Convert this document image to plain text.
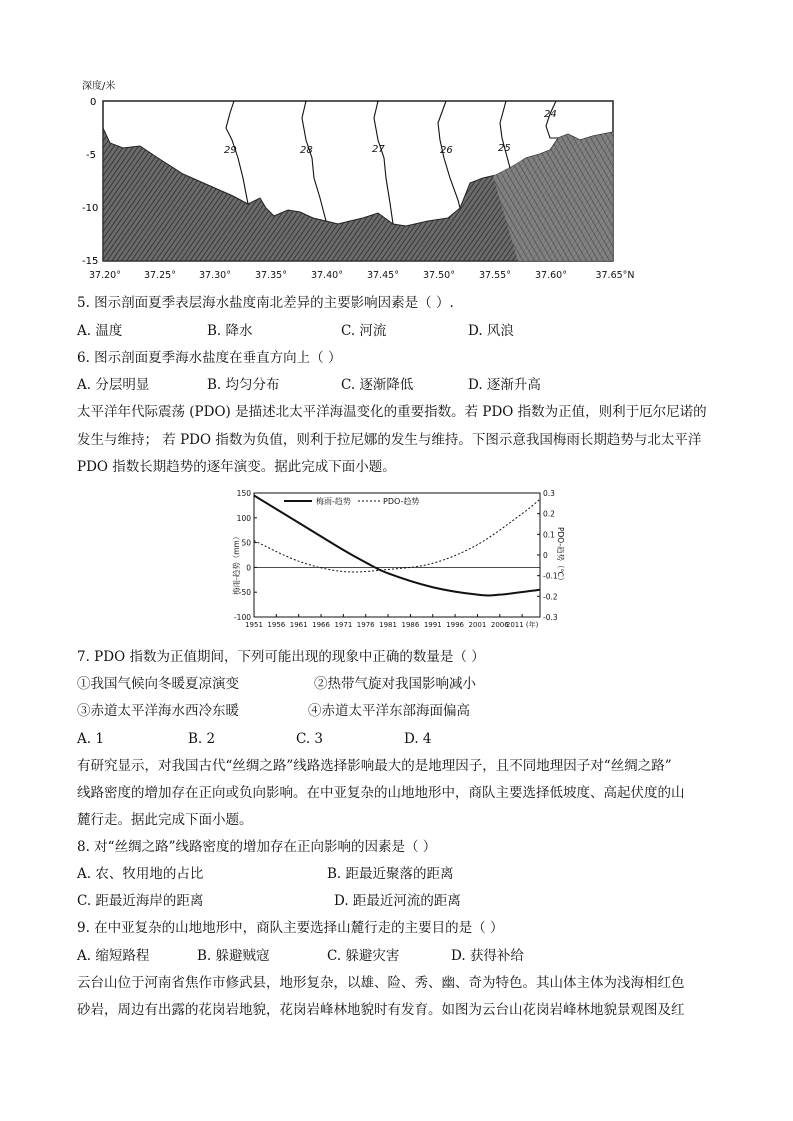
深度/米
0
-5
-10
-15
29	28	27	26	25
24
37.20° 37.25° 37.30°	37.35°	37.40°	37.45°	37.50°	37.55°	37.60°	37.65°N
5. 图示剖面夏季表层海水盐度南北差异的主要影响因素是（ ）.
A. 温度	B. 降水	C. 河流	D. 风浪
6. 图示剖面夏季海水盐度在垂直方向上（ ）
A. 分层明显	B. 均匀分布	C. 逐渐降低	D. 逐渐升高
太平洋年代际震荡 (PDO) 是描述北太平洋海温变化的重要指数。若 PDO 指数为正值，则利于厄尔尼诺的
发生与维持； 若 PDO 指数为负值，则利于拉尼娜的发生与维持。下图示意我国梅雨长期趋势与北太平洋
PDO 指数长期趋势的逐年演变。据此完成下面小题。
150
100
50
0
-50
-100
0.3
0.2
0.1
0
-0.1
-0.2
-0.3
1951 1956 1961 1966 1971 1976 1981 1986 1991 1996 2001 2006
2011 (年)
梅雨-趋势	PDO-趋势
梅雨-趋势（mm）	PDO-趋势（℃）
7. PDO 指数为正值期间，下列可能出现的现象中正确的数量是（ ）
①我国气候向冬暖夏凉演变	②热带气旋对我国影响减小
③赤道太平洋海水西冷东暖	④赤道太平洋东部海面偏高
A. 1	B. 2	C. 3	D. 4
有研究显示，对我国古代“丝绸之路”线路选择影响最大的是地理因子，且不同地理因子对“丝绸之路”
线路密度的增加存在正向或负向影响。在中亚复杂的山地地形中，商队主要选择低坡度、高起伏度的山
麓行走。据此完成下面小题。
8. 对“丝绸之路”线路密度的增加存在正向影响的因素是（ ）
A. 农、牧用地的占比	B. 距最近聚落的距离
C. 距最近海岸的距离	D. 距最近河流的距离
9. 在中亚复杂的山地地形中，商队主要选择山麓行走的主要目的是（ ）
A. 缩短路程	B. 躲避贼寇	C. 躲避灾害	D. 获得补给
云台山位于河南省焦作市修武县，地形复杂，以雄、险、秀、幽、奇为特色。其山体主体为浅海相红色
砂岩，周边有出露的花岗岩地貌，花岗岩峰林地貌时有发育。如图为云台山花岗岩峰林地貌景观图及红
